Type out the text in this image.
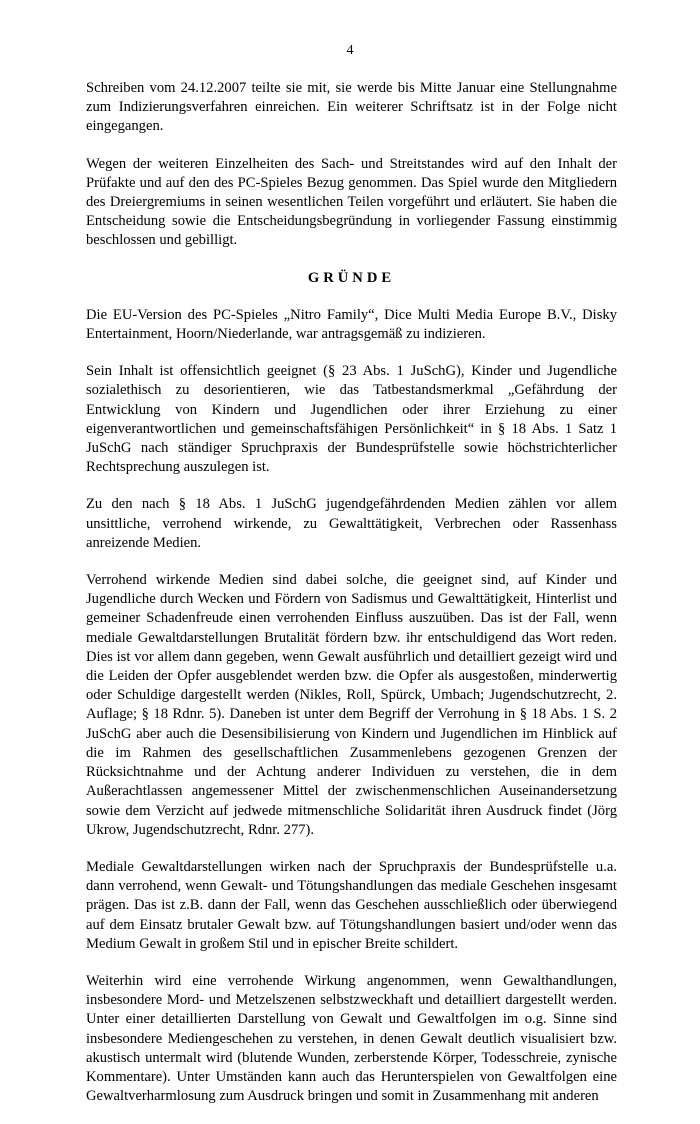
4

Schreiben vom 24.12.2007 teilte sie mit, sie werde bis Mitte Januar eine Stellungnahme zum Indizierungsverfahren einreichen. Ein weiterer Schriftsatz ist in der Folge nicht eingegangen.

Wegen der weiteren Einzelheiten des Sach- und Streitstandes wird auf den Inhalt der Prüfakte und auf den des PC-Spieles Bezug genommen. Das Spiel wurde den Mitgliedern des Dreiergremiums in seinen wesentlichen Teilen vorgeführt und erläutert. Sie haben die Entscheidung sowie die Entscheidungsbegründung in vorliegender Fassung einstimmig beschlossen und gebilligt.

GRÜNDE

Die EU-Version des PC-Spieles „Nitro Family“, Dice Multi Media Europe B.V., Disky Entertainment, Hoorn/Niederlande, war antragsgemäß zu indizieren.

Sein Inhalt ist offensichtlich geeignet (§ 23 Abs. 1 JuSchG), Kinder und Jugendliche sozialethisch zu desorientieren, wie das Tatbestandsmerkmal „Gefährdung der Entwicklung von Kindern und Jugendlichen oder ihrer Erziehung zu einer eigenverantwortlichen und gemeinschaftsfähigen Persönlichkeit“ in § 18 Abs. 1 Satz 1 JuSchG nach ständiger Spruchpraxis der Bundesprüfstelle sowie höchstrichterlicher Rechtsprechung auszulegen ist.

Zu den nach § 18 Abs. 1 JuSchG jugendgefährdenden Medien zählen vor allem unsittliche, verrohend wirkende, zu Gewalttätigkeit, Verbrechen oder Rassenhass anreizende Medien.

Verrohend wirkende Medien sind dabei solche, die geeignet sind, auf Kinder und Jugendliche durch Wecken und Fördern von Sadismus und Gewalttätigkeit, Hinterlist und gemeiner Schadenfreude einen verrohenden Einfluss auszuüben. Das ist der Fall, wenn mediale Gewaltdarstellungen Brutalität fördern bzw. ihr entschuldigend das Wort reden. Dies ist vor allem dann gegeben, wenn Gewalt ausführlich und detailliert gezeigt wird und die Leiden der Opfer ausgeblendet werden bzw. die Opfer als ausgestoßen, minderwertig oder Schuldige dargestellt werden (Nikles, Roll, Spürck, Umbach; Jugendschutzrecht, 2. Auflage; § 18 Rdnr. 5). Daneben ist unter dem Begriff der Verrohung in § 18 Abs. 1 S. 2 JuSchG aber auch die Desensibilisierung von Kindern und Jugendlichen im Hinblick auf die im Rahmen des gesellschaftlichen Zusammenlebens gezogenen Grenzen der Rücksichtnahme und der Achtung anderer Individuen zu verstehen, die in dem Außerachtlassen angemessener Mittel der zwischenmenschlichen Auseinandersetzung sowie dem Verzicht auf jedwede mitmenschliche Solidarität ihren Ausdruck findet (Jörg Ukrow, Jugendschutzrecht, Rdnr. 277).

Mediale Gewaltdarstellungen wirken nach der Spruchpraxis der Bundesprüfstelle u.a. dann verrohend, wenn Gewalt- und Tötungshandlungen das mediale Geschehen insgesamt prägen. Das ist z.B. dann der Fall, wenn das Geschehen ausschließlich oder überwiegend auf dem Einsatz brutaler Gewalt bzw. auf Tötungshandlungen basiert und/oder wenn das Medium Gewalt in großem Stil und in epischer Breite schildert.

Weiterhin wird eine verrohende Wirkung angenommen, wenn Gewalthandlungen, insbesondere Mord- und Metzelszenen selbstzweckhaft und detailliert dargestellt werden. Unter einer detaillierten Darstellung von Gewalt und Gewaltfolgen im o.g. Sinne sind insbesondere Mediengeschehen zu verstehen, in denen Gewalt deutlich visualisiert bzw. akustisch untermalt wird (blutende Wunden, zerberstende Körper, Todesschreie, zynische Kommentare). Unter Umständen kann auch das Herunterspielen von Gewaltfolgen eine Gewaltverharmlosung zum Ausdruck bringen und somit in Zusammenhang mit anderen
